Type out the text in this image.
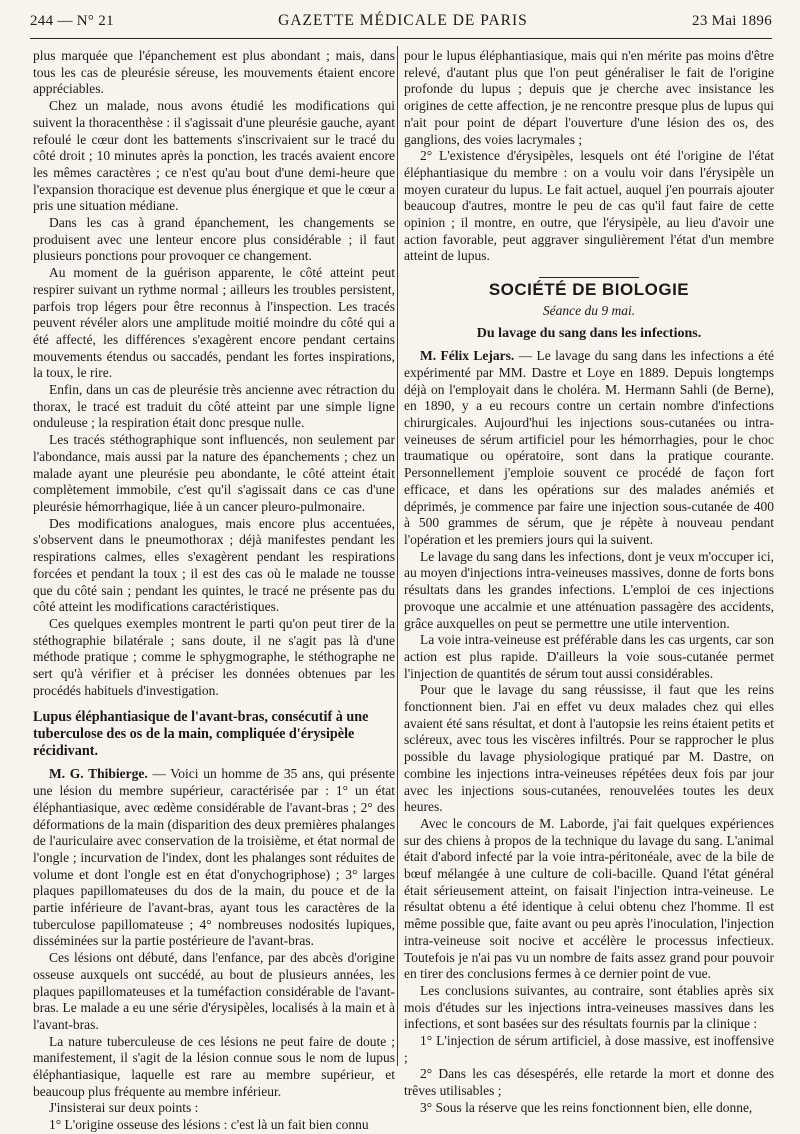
244 — N° 21	GAZETTE MÉDICALE DE PARIS	23 Mai 1896

plus marquée que l'épanchement est plus abondant ; mais, dans tous les cas de pleurésie séreuse, les mouvements étaient encore appréciables.

Chez un malade, nous avons étudié les modifications qui suivent la thoracenthèse : il s'agissait d'une pleurésie gauche, ayant refoulé le cœur dont les battements s'inscrivaient sur le tracé du côté droit ; 10 minutes après la ponction, les tracés avaient encore les mêmes caractères ; ce n'est qu'au bout d'une demi-heure que l'expansion thoracique est devenue plus énergique et que le cœur a pris une situation médiane.

Dans les cas à grand épanchement, les changements se produisent avec une lenteur encore plus considérable ; il faut plusieurs ponctions pour provoquer ce changement.

Au moment de la guérison apparente, le côté atteint peut respirer suivant un rythme normal ; ailleurs les troubles persistent, parfois trop légers pour être reconnus à l'inspection. Les tracés peuvent révéler alors une amplitude moitié moindre du côté qui a été affecté, les différences s'exagèrent encore pendant certains mouvements étendus ou saccadés, pendant les fortes inspirations, la toux, le rire.

Enfin, dans un cas de pleurésie très ancienne avec rétraction du thorax, le tracé est traduit du côté atteint par une simple ligne onduleuse ; la respiration était donc presque nulle.

Les tracés stéthographique sont influencés, non seulement par l'abondance, mais aussi par la nature des épanchements ; chez un malade ayant une pleurésie peu abondante, le côté atteint était complètement immobile, c'est qu'il s'agissait dans ce cas d'une pleurésie hémorrhagique, liée à un cancer pleuro-pulmonaire.

Des modifications analogues, mais encore plus accentuées, s'observent dans le pneumothorax ; déjà manifestes pendant les respirations calmes, elles s'exagèrent pendant les respirations forcées et pendant la toux ; il est des cas où le malade ne tousse que du côté sain ; pendant les quintes, le tracé ne présente pas du côté atteint les modifications caractéristiques.

Ces quelques exemples montrent le parti qu'on peut tirer de la stéthographie bilatérale ; sans doute, il ne s'agit pas là d'une méthode pratique ; comme le sphygmographe, le stéthographe ne sert qu'à vérifier et à préciser les données obtenues par les procédés habituels d'investigation.

Lupus éléphantiasique de l'avant-bras, consécutif à une tuberculose des os de la main, compliquée d'érysipèle récidivant.

M. G. Thibierge. — Voici un homme de 35 ans, qui présente une lésion du membre supérieur, caractérisée par : 1° un état éléphantiasique, avec œdème considérable de l'avant-bras ; 2° des déformations de la main (disparition des deux premières phalanges de l'auriculaire avec conservation de la troisième, et état normal de l'ongle ; incurvation de l'index, dont les phalanges sont réduites de volume et dont l'ongle est en état d'onychogriphose) ; 3° larges plaques papillomateuses du dos de la main, du pouce et de la partie inférieure de l'avant-bras, ayant tous les caractères de la tuberculose papillomateuse ; 4° nombreuses nodosités lupiques, disséminées sur la partie postérieure de l'avant-bras.

Ces lésions ont débuté, dans l'enfance, par des abcès d'origine osseuse auxquels ont succédé, au bout de plusieurs années, les plaques papillomateuses et la tuméfaction considérable de l'avant-bras. Le malade a eu une série d'érysipèles, localisés à la main et à l'avant-bras.

La nature tuberculeuse de ces lésions ne peut faire de doute ; manifestement, il s'agit de la lésion connue sous le nom de lupus éléphantiasique, laquelle est rare au membre supérieur, et beaucoup plus fréquente au membre inférieur.

J'insisterai sur deux points :

1° L'origine osseuse des lésions : c'est là un fait bien connu

pour le lupus éléphantiasique, mais qui n'en mérite pas moins d'être relevé, d'autant plus que l'on peut généraliser le fait de l'origine profonde du lupus ; depuis que je cherche avec insistance les origines de cette affection, je ne rencontre presque plus de lupus qui n'ait pour point de départ l'ouverture d'une lésion des os, des ganglions, des voies lacrymales ;

2° L'existence d'érysipèles, lesquels ont été l'origine de l'état éléphantiasique du membre : on a voulu voir dans l'érysipèle un moyen curateur du lupus. Le fait actuel, auquel j'en pourrais ajouter beaucoup d'autres, montre le peu de cas qu'il faut faire de cette opinion ; il montre, en outre, que l'érysipèle, au lieu d'avoir une action favorable, peut aggraver singulièrement l'état d'un membre atteint de lupus.

SOCIÉTÉ DE BIOLOGIE
Séance du 9 mai.
Du lavage du sang dans les infections.

M. Félix Lejars. — Le lavage du sang dans les infections a été expérimenté par MM. Dastre et Loye en 1889. Depuis longtemps déjà on l'employait dans le choléra. M. Hermann Sahli (de Berne), en 1890, y a eu recours contre un certain nombre d'infections chirurgicales. Aujourd'hui les injections sous-cutanées ou intra-veineuses de sérum artificiel pour les hémorrhagies, pour le choc traumatique ou opératoire, sont dans la pratique courante. Personnellement j'emploie souvent ce procédé de façon fort efficace, et dans les opérations sur des malades anémiés et déprimés, je commence par faire une injection sous-cutanée de 400 à 500 grammes de sérum, que je répète à nouveau pendant l'opération et les premiers jours qui la suivent.

Le lavage du sang dans les infections, dont je veux m'occuper ici, au moyen d'injections intra-veineuses massives, donne de forts bons résultats dans les grandes infections. L'emploi de ces injections provoque une accalmie et une atténuation passagère des accidents, grâce auxquelles on peut se permettre une utile intervention.

La voie intra-veineuse est préférable dans les cas urgents, car son action est plus rapide. D'ailleurs la voie sous-cutanée permet l'injection de quantités de sérum tout aussi considérables.

Pour que le lavage du sang réussisse, il faut que les reins fonctionnent bien. J'ai en effet vu deux malades chez qui elles avaient été sans résultat, et dont à l'autopsie les reins étaient petits et scléreux, avec tous les viscères infiltrés. Pour se rapprocher le plus possible du lavage physiologique pratiqué par M. Dastre, on combine les injections intra-veineuses répétées deux fois par jour avec les injections sous-cutanées, renouvelées toutes les deux heures.

Avec le concours de M. Laborde, j'ai fait quelques expériences sur des chiens à propos de la technique du lavage du sang. L'animal était d'abord infecté par la voie intra-péritonéale, avec de la bile de bœuf mélangée à une culture de coli-bacille. Quand l'état général était sérieusement atteint, on faisait l'injection intra-veineuse. Le résultat obtenu a été identique à celui obtenu chez l'homme. Il est même possible que, faite avant ou peu après l'inoculation, l'injection intra-veineuse soit nocive et accélère le processus infectieux. Toutefois je n'ai pas vu un nombre de faits assez grand pour pouvoir en tirer des conclusions fermes à ce dernier point de vue.

Les conclusions suivantes, au contraire, sont établies après six mois d'études sur les injections intra-veineuses massives dans les infections, et sont basées sur des résultats fournis par la clinique :

1° L'injection de sérum artificiel, à dose massive, est inoffensive ;

2° Dans les cas désespérés, elle retarde la mort et donne des trêves utilisables ;

3° Sous la réserve que les reins fonctionnent bien, elle donne,
